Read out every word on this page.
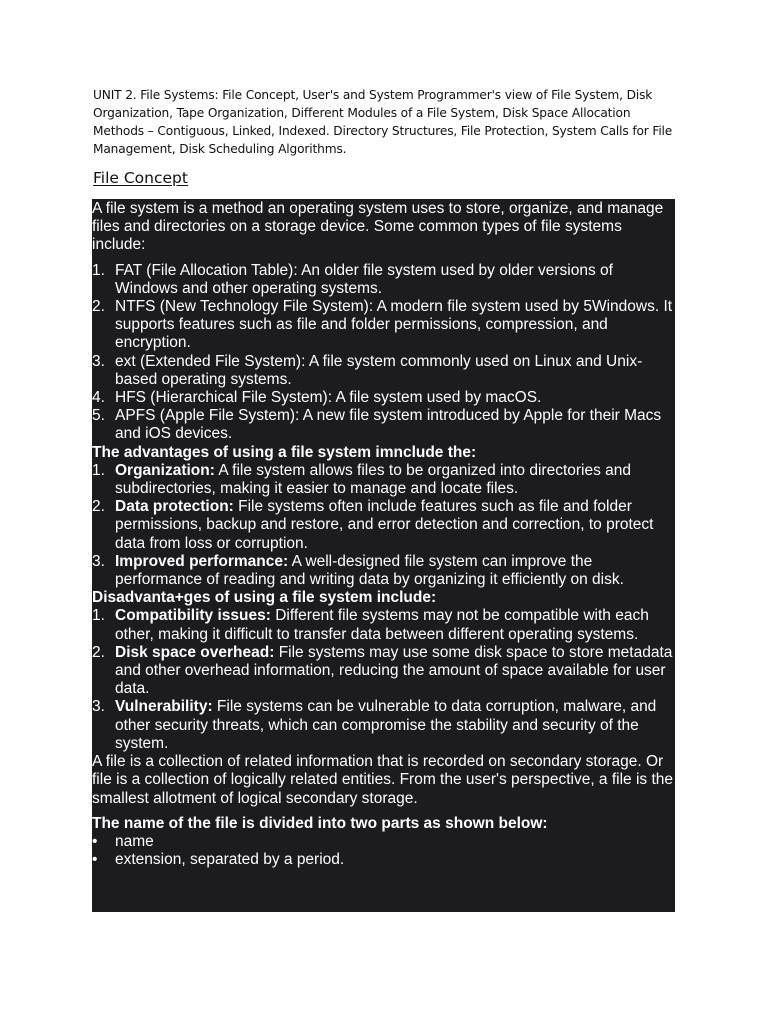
UNIT 2. File Systems: File Concept, User's and System Programmer's view of File System, Disk Organization, Tape Organization, Different Modules of a File System, Disk Space Allocation Methods – Contiguous, Linked, Indexed. Directory Structures, File Protection, System Calls for File Management, Disk Scheduling Algorithms.
File Concept

A file system is a method an operating system uses to store, organize, and manage files and directories on a storage device. Some common types of file systems include:

1. FAT (File Allocation Table): An older file system used by older versions of Windows and other operating systems.
2. NTFS (New Technology File System): A modern file system used by 5Windows. It supports features such as file and folder permissions, compression, and encryption.
3. ext (Extended File System): A file system commonly used on Linux and Unix-based operating systems.
4. HFS (Hierarchical File System): A file system used by macOS.
5. APFS (Apple File System): A new file system introduced by Apple for their Macs and iOS devices.
The advantages of using a file system imnclude the:
1. Organization: A file system allows files to be organized into directories and subdirectories, making it easier to manage and locate files.
2. Data protection: File systems often include features such as file and folder permissions, backup and restore, and error detection and correction, to protect data from loss or corruption.
3. Improved performance: A well-designed file system can improve the performance of reading and writing data by organizing it efficiently on disk.
Disadvanta+ges of using a file system include:
1. Compatibility issues: Different file systems may not be compatible with each other, making it difficult to transfer data between different operating systems.
2. Disk space overhead: File systems may use some disk space to store metadata and other overhead information, reducing the amount of space available for user data.
3. Vulnerability: File systems can be vulnerable to data corruption, malware, and other security threats, which can compromise the stability and security of the system.

A file is a collection of related information that is recorded on secondary storage. Or file is a collection of logically related entities. From the user's perspective, a file is the smallest allotment of logical secondary storage.

The name of the file is divided into two parts as shown below:
• name
• extension, separated by a period.
